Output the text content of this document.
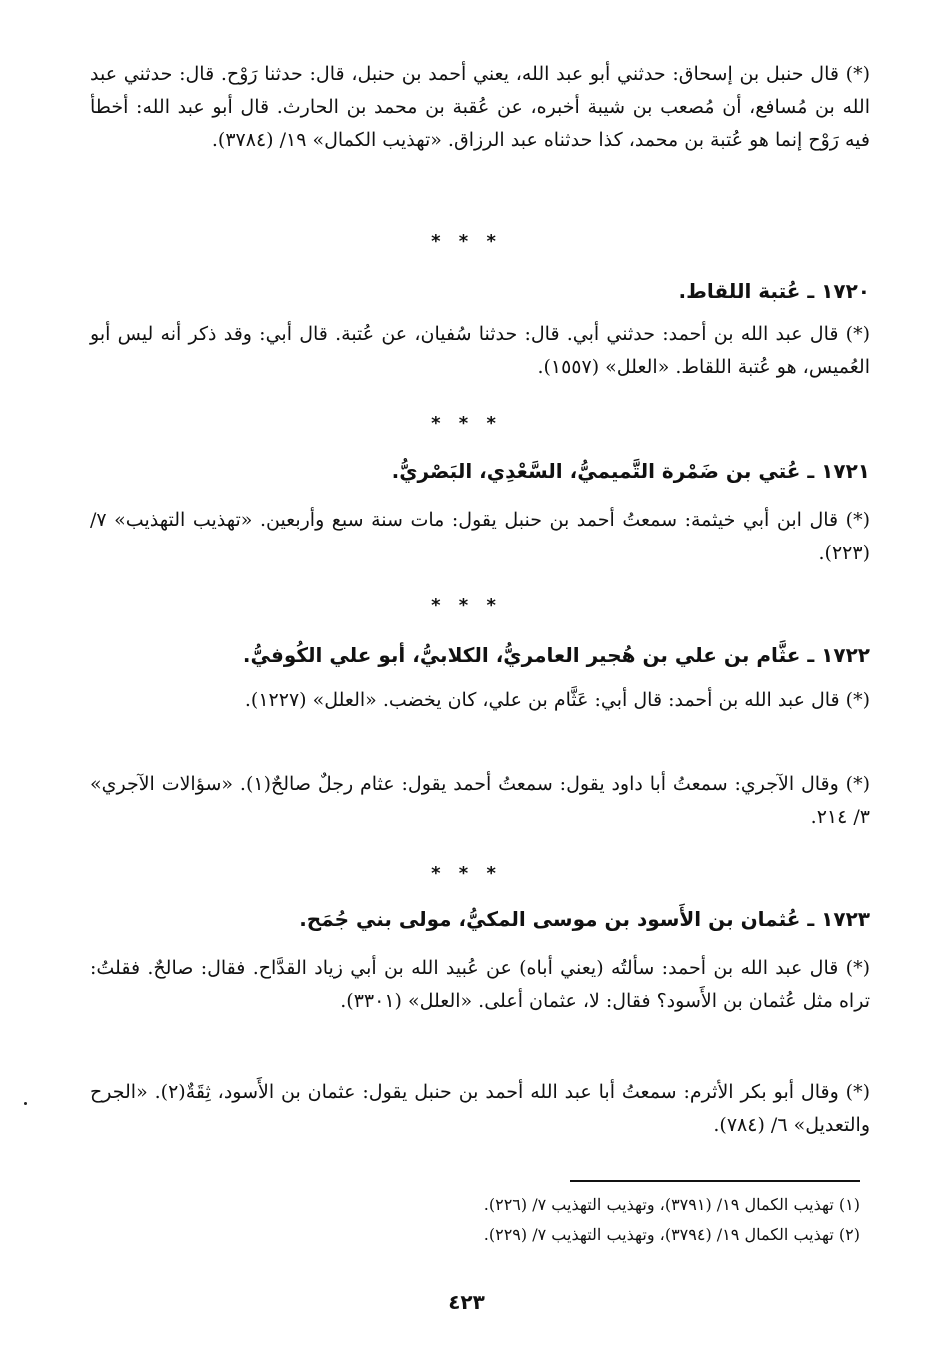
(*) قال حنبل بن إسحاق: حدثني أبو عبد الله، يعني أحمد بن حنبل، قال: حدثنا رَوْح. قال: حدثني عبد الله بن مُسافع، أن مُصعب بن شيبة أخبره، عن عُقبة بن محمد بن الحارث. قال أبو عبد الله: أخطأ فيه رَوْح إنما هو عُتبة بن محمد، كذا حدثناه عبد الرزاق. «تهذيب الكمال» ١٩/ (٣٧٨٤).

* * *
١٧٢٠ ـ عُتبة اللقاط.

(*) قال عبد الله بن أحمد: حدثني أبي. قال: حدثنا سُفيان، عن عُتبة. قال أبي: وقد ذكر أنه ليس أبو العُميس، هو عُتبة اللقاط. «العلل» (١٥٥٧).

* * *
١٧٢١ ـ عُتي بن ضَمْرة التَّميميُّ، السَّعْدِي، البَصْريُّ.

(*) قال ابن أبي خيثمة: سمعتُ أحمد بن حنبل يقول: مات سنة سبع وأربعين. «تهذيب التهذيب» ٧/ (٢٢٣).

* * *
١٧٢٢ ـ عثَّام بن علي بن هُجير العامريُّ، الكلابيُّ، أبو علي الكُوفيُّ.

(*) قال عبد الله بن أحمد: قال أبي: عَثَّام بن علي، كان يخضب. «العلل» (١٢٢٧).

(*) وقال الآجري: سمعتُ أبا داود يقول: سمعتُ أحمد يقول: عثام رجلٌ صالحٌ(١). «سؤالات الآجري» ٣/ ٢١٤.

* * *
١٧٢٣ ـ عُثمان بن الأَسود بن موسى المكيُّ، مولى بني جُمَح.

(*) قال عبد الله بن أحمد: سألتُه (يعني أباه) عن عُبيد الله بن أبي زياد القدَّاح. فقال: صالحٌ. فقلتُ: تراه مثل عُثمان بن الأَسود؟ فقال: لا، عثمان أعلى. «العلل» (٣٣٠١).

(*) وقال أبو بكر الأثرم: سمعتُ أبا عبد الله أحمد بن حنبل يقول: عثمان بن الأَسود، ثِقَةٌ(٢). «الجرح والتعديل» ٦/ (٧٨٤).

(١) تهذيب الكمال ١٩/ (٣٧٩١)، وتهذيب التهذيب ٧/ (٢٢٦).
(٢) تهذيب الكمال ١٩/ (٣٧٩٤)، وتهذيب التهذيب ٧/ (٢٢٩).
٤٢٣
